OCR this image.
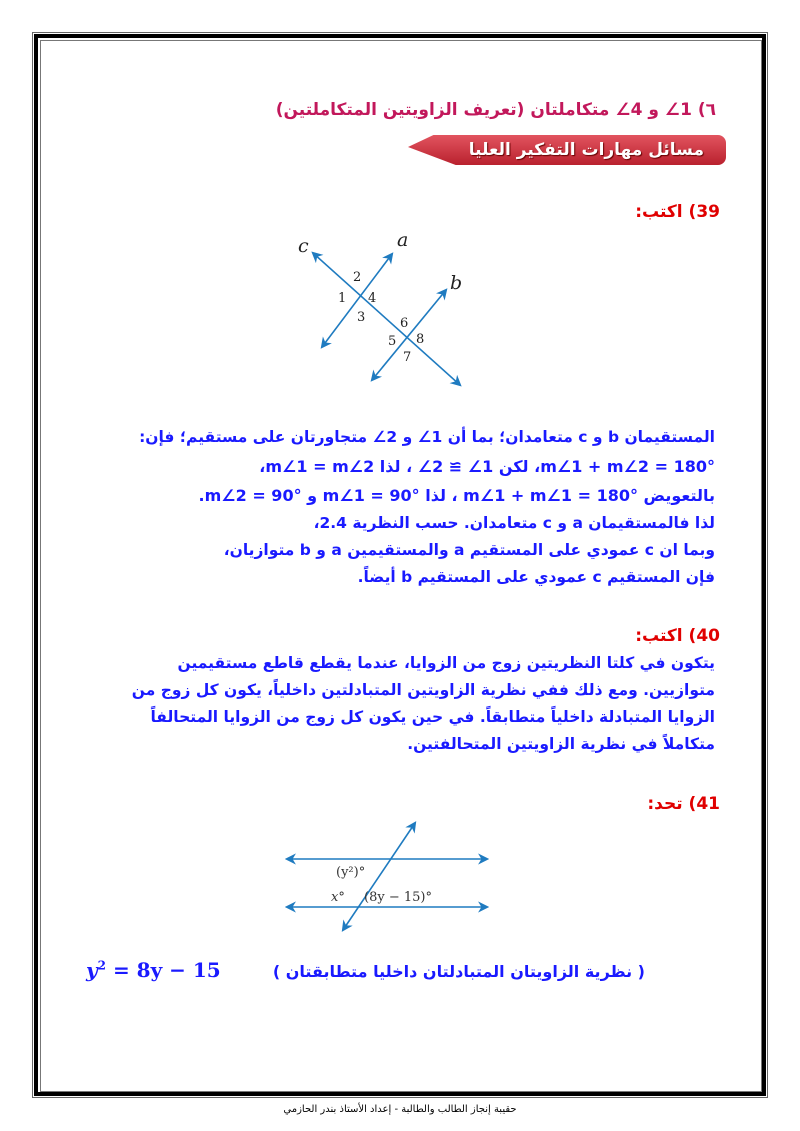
٦) 1∠ و 4∠ متكاملتان (تعريف الزاويتين المتكاملتين)
مسائل مهارات التفكير العليا
39) اكتب:
c	a
b
2
1 4
3	6
5 8
7
(y²)°
x° (8y − 15)°
المستقيمان b و c متعامدان؛ بما أن 1∠ و 2∠ متجاورتان على مستقيم؛ فإن:
m∠1 + m∠2 = 180°، لكن 1∠ ≅ 2∠ ، لذا m∠1 = m∠2،
بالتعويض m∠1 + m∠1 = 180° ، لذا m∠1 = 90° و m∠2 = 90°.
لذا فالمستقيمان a و c متعامدان. حسب النظرية 2.4،
وبما ان c عمودي على المستقيم a والمستقيمين a و b متوازيان،
فإن المستقيم c عمودي على المستقيم b أيضاً.
40) اكتب:
يتكون في كلتا النظريتين زوج من الزوايا، عندما يقطع قاطع مستقيمين
متوازيين. ومع ذلك ففي نظرية الزاويتين المتبادلتين داخلياً، يكون كل زوج من
الزوايا المتبادلة داخلياً متطابقاً. في حين يكون كل زوج من الزوايا المتحالفاً
متكاملاً في نظرية الزاويتين المتحالفتين.
41) تحد:
$y^2 = 8y - 15$	( نظرية الزاويتان المتبادلتان داخليا متطابقتان )
حقيبة إنجاز الطالب والطالبة - إعداد الأستاذ بندر الحازمي
